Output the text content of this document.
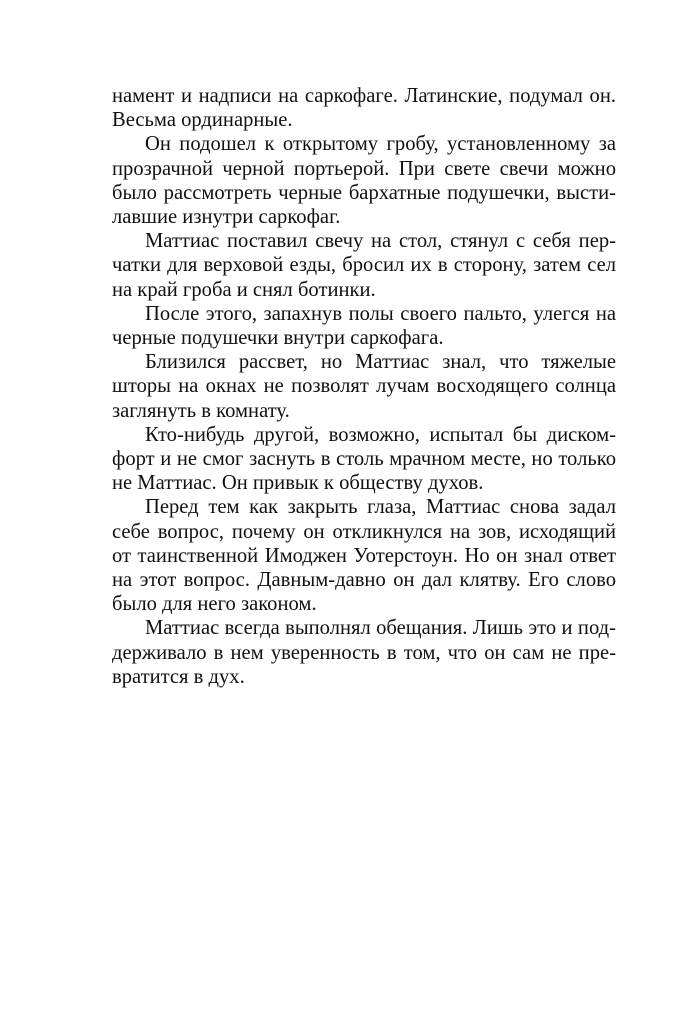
намент и надписи на саркофаге. Латинские, подумал он.
Весьма ординарные.

Он подошел к открытому гробу, установленному за
прозрачной черной портьерой. При свете свечи можно
было рассмотреть черные бархатные подушечки, высти-
лавшие изнутри саркофаг.

Маттиас поставил свечу на стол, стянул с себя пер-
чатки для верховой езды, бросил их в сторону, затем сел
на край гроба и снял ботинки.

После этого, запахнув полы своего пальто, улегся на
черные подушечки внутри саркофага.

Близился рассвет, но Маттиас знал, что тяжелые
шторы на окнах не позволят лучам восходящего солнца
заглянуть в комнату.

Кто-нибудь другой, возможно, испытал бы диском-
форт и не смог заснуть в столь мрачном месте, но только
не Маттиас. Он привык к обществу духов.

Перед тем как закрыть глаза, Маттиас снова задал
себе вопрос, почему он откликнулся на зов, исходящий
от таинственной Имоджен Уотерстоун. Но он знал ответ
на этот вопрос. Давным-давно он дал клятву. Его слово
было для него законом.

Маттиас всегда выполнял обещания. Лишь это и под-
держивало в нем уверенность в том, что он сам не пре-
вратится в дух.
